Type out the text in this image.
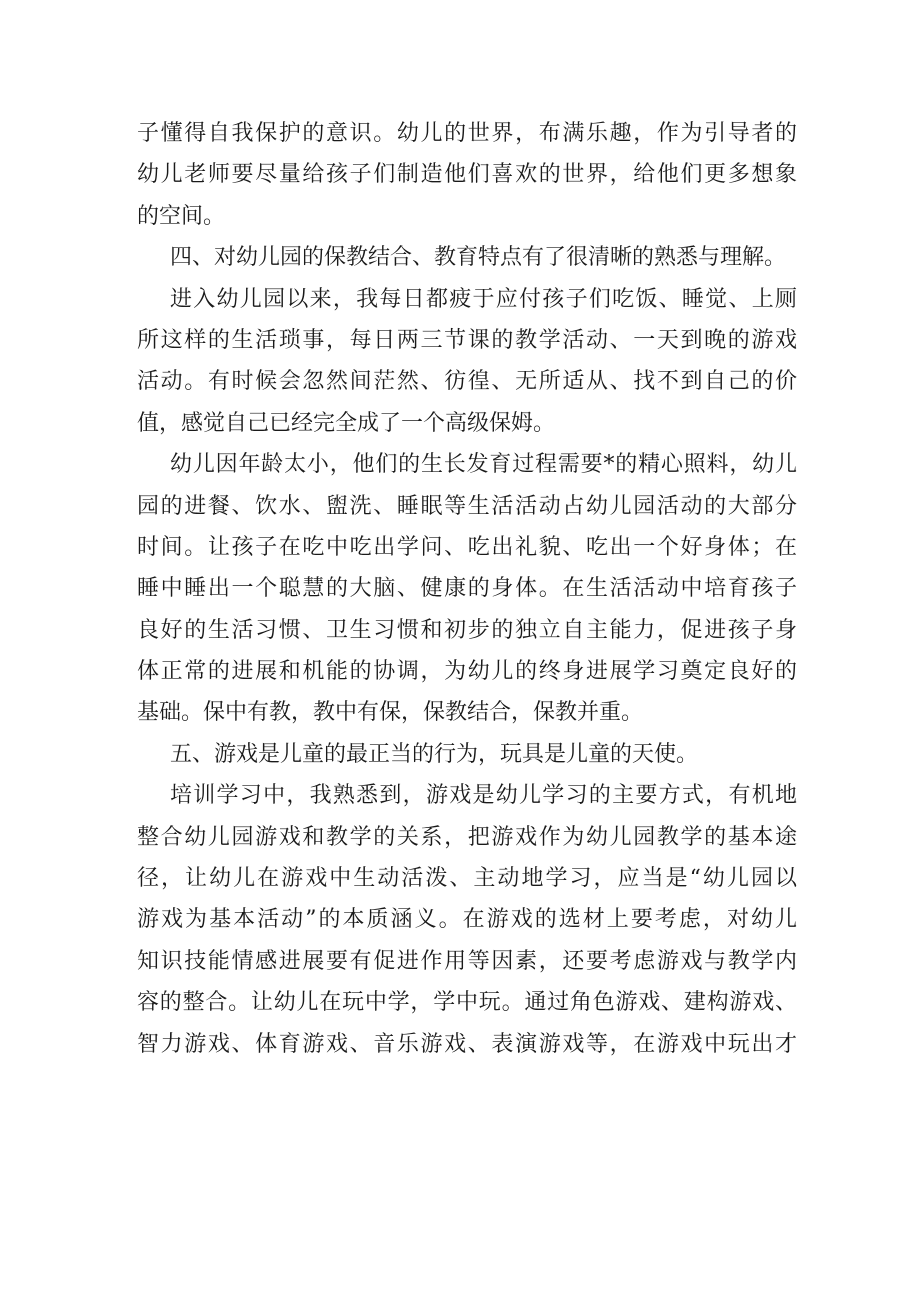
子懂得自我保护的意识。幼儿的世界，布满乐趣，作为引导者的
幼儿老师要尽量给孩子们制造他们喜欢的世界，给他们更多想象
的空间。
四、对幼儿园的保教结合、教育特点有了很清晰的熟悉与理解。
进入幼儿园以来，我每日都疲于应付孩子们吃饭、睡觉、上厕
所这样的生活琐事，每日两三节课的教学活动、一天到晚的游戏
活动。有时候会忽然间茫然、彷徨、无所适从、找不到自己的价
值，感觉自己已经完全成了一个高级保姆。
幼儿因年龄太小，他们的生长发育过程需要*的精心照料，幼儿
园的进餐、饮水、盥洗、睡眠等生活活动占幼儿园活动的大部分
时间。让孩子在吃中吃出学问、吃出礼貌、吃出一个好身体；在
睡中睡出一个聪慧的大脑、健康的身体。在生活活动中培育孩子
良好的生活习惯、卫生习惯和初步的独立自主能力，促进孩子身
体正常的进展和机能的协调，为幼儿的终身进展学习奠定良好的
基础。保中有教，教中有保，保教结合，保教并重。
五、游戏是儿童的最正当的行为，玩具是儿童的天使。
培训学习中，我熟悉到，游戏是幼儿学习的主要方式，有机地
整合幼儿园游戏和教学的关系，把游戏作为幼儿园教学的基本途
径，让幼儿在游戏中生动活泼、主动地学习，应当是“幼儿园以
游戏为基本活动”的本质涵义。在游戏的选材上要考虑，对幼儿
知识技能情感进展要有促进作用等因素，还要考虑游戏与教学内
容的整合。让幼儿在玩中学，学中玩。通过角色游戏、建构游戏、
智力游戏、体育游戏、音乐游戏、表演游戏等，在游戏中玩出才
